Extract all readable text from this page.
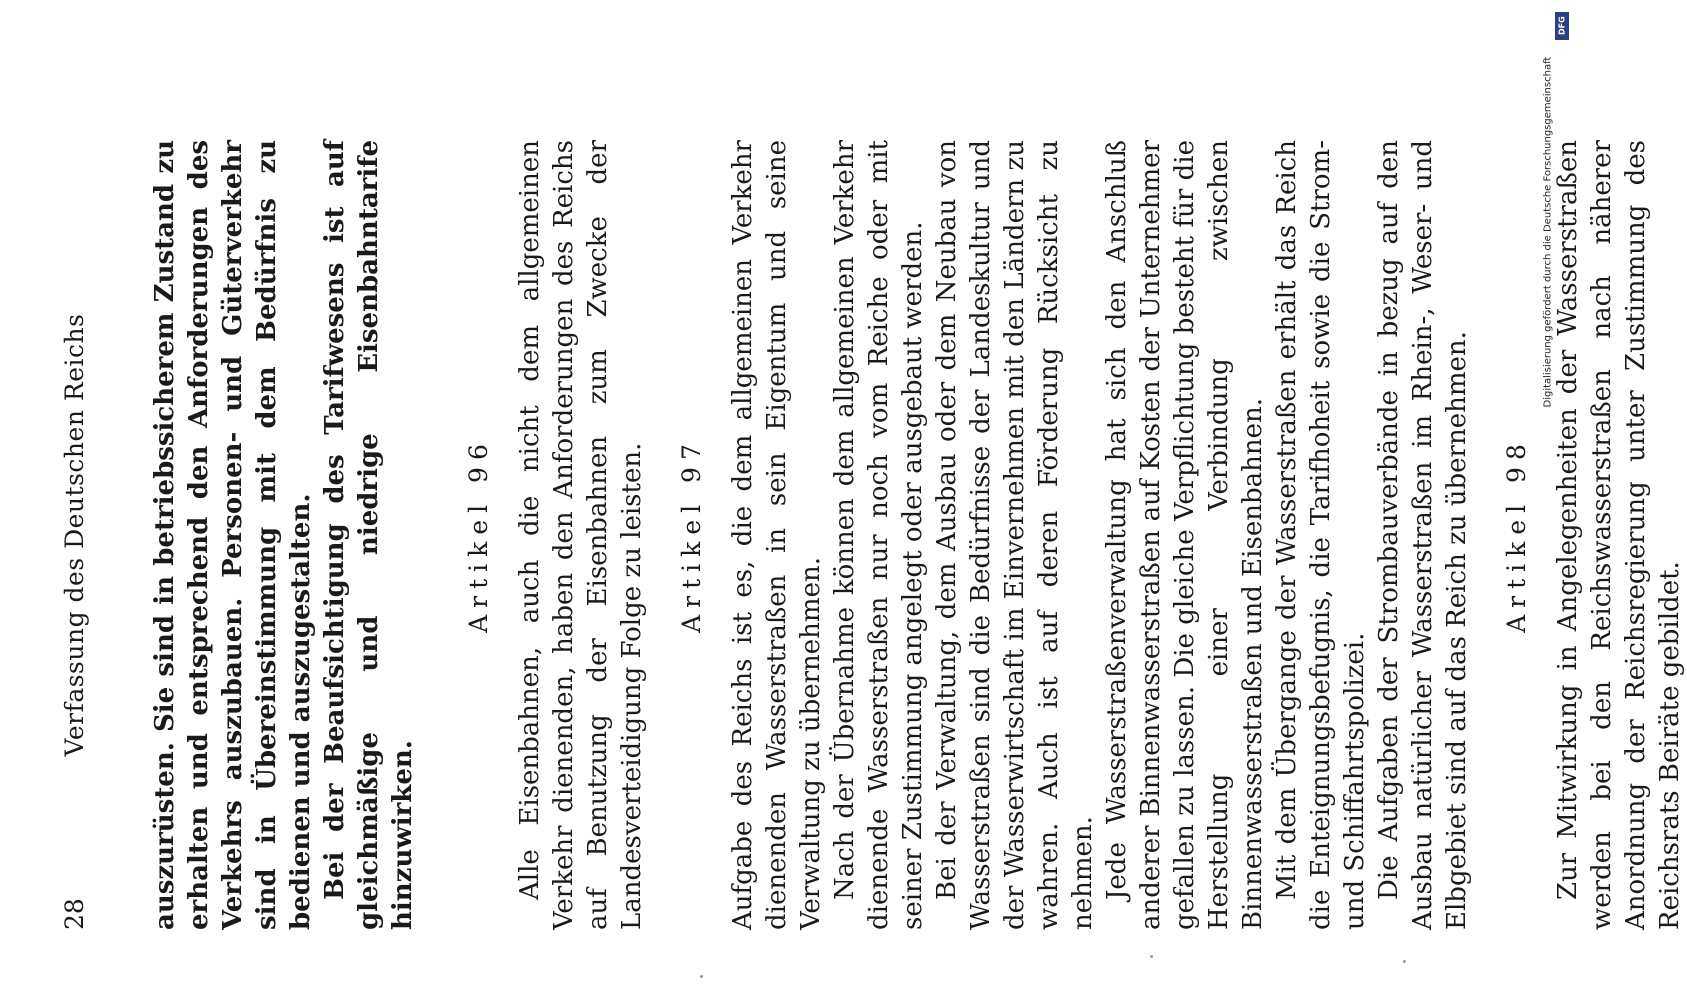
28
Verfassung des Deutschen Reichs auszurüsten. Sie sind in betriebssicherem Zustand zu erhalten und entsprechend den Anforderungen des Verkehrs auszubauen. Personen- und Güterverkehr sind in Übereinstimmung mit dem Bedürfnis zu bedienen und auszugestalten. Bei der Beaufsichtigung des Tarifwesens ist auf gleichmäßige und niedrige Eisenbahntarife hinzuwirken.

Artikel 96 Alle Eisenbahnen, auch die nicht dem allgemeinen Verkehr dienenden, haben den Anforderungen des Reichs auf Benutzung der Eisenbahnen zum Zwecke der Landesverteidigung Folge zu leisten. Artikel 97 Aufgabe des Reichs ist es, die dem allgemeinen Verkehr dienenden Wasserstraßen in sein Eigentum und seine Verwaltung zu übernehmen. Nach der Übernahme können dem allgemeinen Verkehr dienende Wasserstraßen nur noch vom Reiche oder mit seiner Zustimmung angelegt oder ausgebaut werden. Bei der Verwaltung, dem Ausbau oder dem Neubau von Wasserstraßen sind die Bedürfnisse der Landeskultur und der Wasserwirtschaft im Einvernehmen mit den Ländern zu wahren. Auch ist auf deren Förderung Rücksicht zu nehmen. Jede Wasserstraßenverwaltung hat sich den Anschluß anderer Binnenwasserstraßen auf Kosten der Unternehmer gefallen zu lassen. Die gleiche Verpflichtung besteht für die Herstellung einer Verbindung zwischen Binnenwasserstraßen und Eisenbahnen. Mit dem Übergange der Wasserstraßen erhält das Reich die Enteignungsbefugnis, die Tarifhoheit sowie die Strom- und Schiffahrtspolizei. Die Aufgaben der Strombauverbände in bezug auf den Ausbau natürlicher Wasserstraßen im Rhein-, Weser- und Elbgebiet sind auf das Reich zu übernehmen. Artikel 98 Zur Mitwirkung in Angelegenheiten der Wasserstraßen werden bei den Reichswasserstraßen nach näherer Anordnung der Reichsregierung unter Zustimmung des Reichsrats Beiräte gebildet.

Digitalisierung gefördert durch die Deutsche Forschungsgemeinschaft
DFG
